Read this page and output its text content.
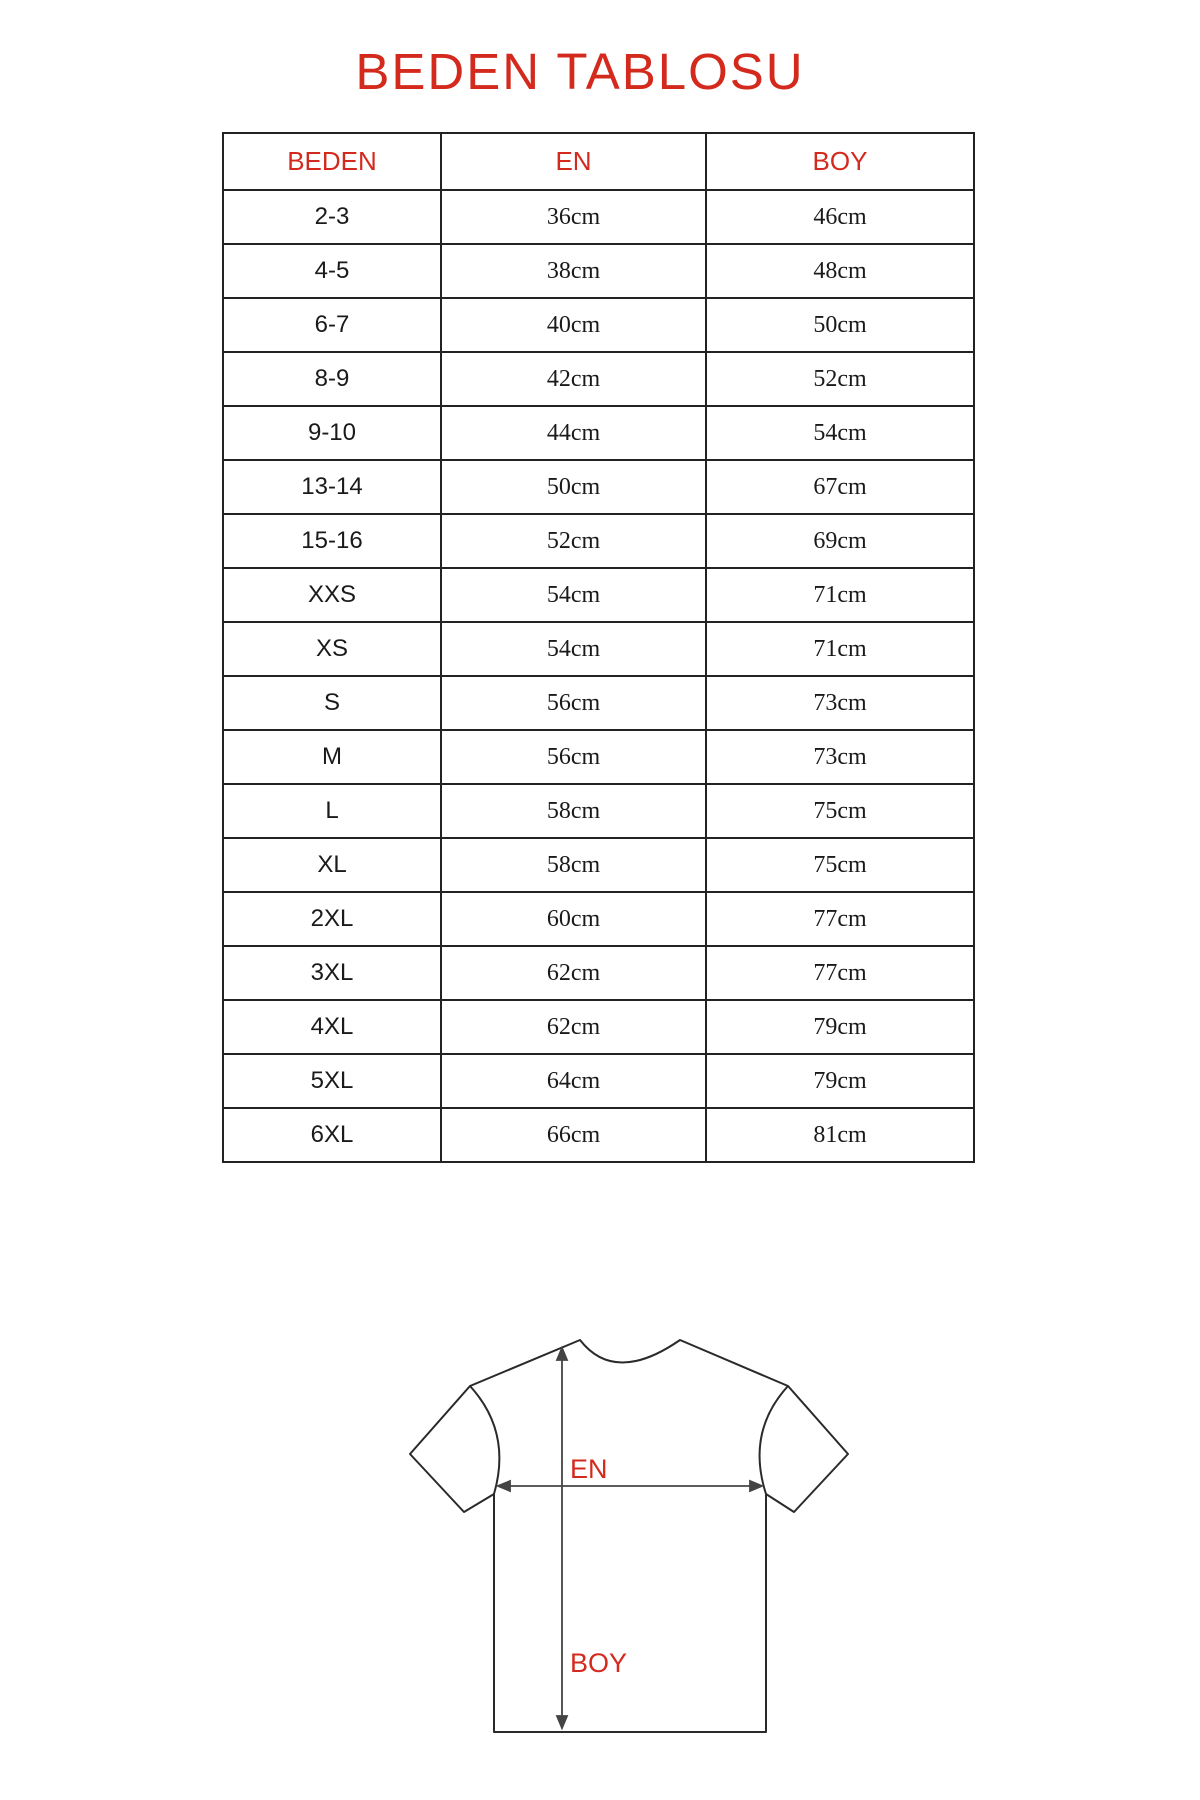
BEDEN TABLOSU
BEDEN	EN	BOY
2-3	36cm	46cm
4-5	38cm	48cm
6-7	40cm	50cm
8-9	42cm	52cm
9-10	44cm	54cm
13-14	50cm	67cm
15-16	52cm	69cm
XXS	54cm	71cm
XS	54cm	71cm
S	56cm	73cm
M	56cm	73cm
L	58cm	75cm
XL	58cm	75cm
2XL	60cm	77cm
3XL	62cm	77cm
4XL	62cm	79cm
5XL	64cm	79cm
6XL	66cm	81cm
EN
BOY
